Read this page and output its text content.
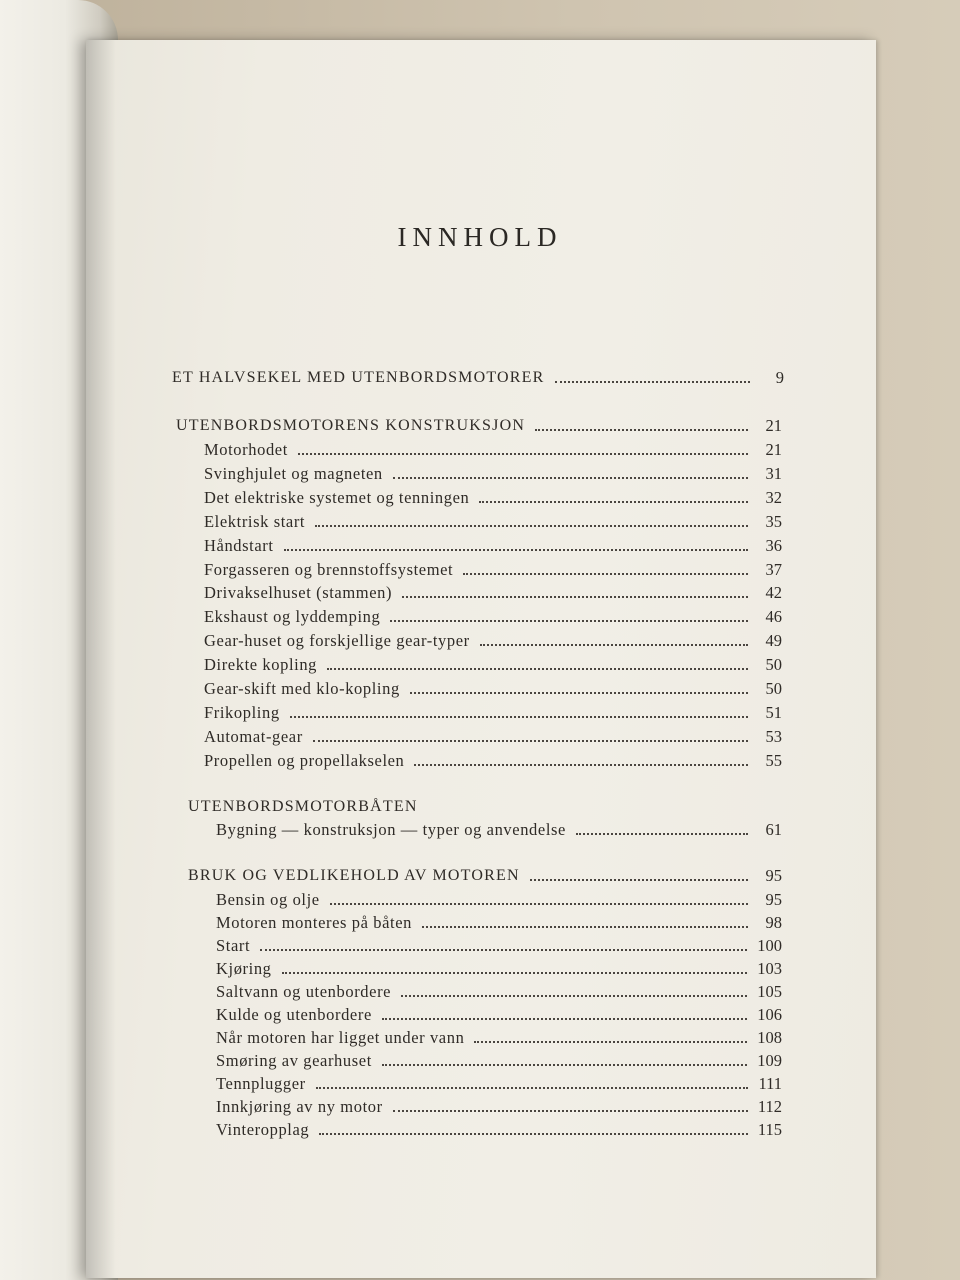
INNHOLD
ET HALVSEKEL MED UTENBORDSMOTORER	9
UTENBORDSMOTORENS KONSTRUKSJON	21
Motorhodet	21
Svinghjulet og magneten	31
Det elektriske systemet og tenningen	32
Elektrisk start	35
Håndstart	36
Forgasseren og brennstoffsystemet	37
Drivakselhuset (stammen)	42
Ekshaust og lyddemping	46
Gear-huset og forskjellige gear-typer	49
Direkte kopling	50
Gear-skift med klo-kopling	50
Frikopling	51
Automat-gear	53
Propellen og propellakselen	55
UTENBORDSMOTORBÅTEN
Bygning — konstruksjon — typer og anvendelse	61
BRUK OG VEDLIKEHOLD AV MOTOREN	95
Bensin og olje	95
Motoren monteres på båten	98
Start	100
Kjøring	103
Saltvann og utenbordere	105
Kulde og utenbordere	106
Når motoren har ligget under vann	108
Smøring av gearhuset	109
Tennplugger	111
Innkjøring av ny motor	112
Vinteropplag	115
